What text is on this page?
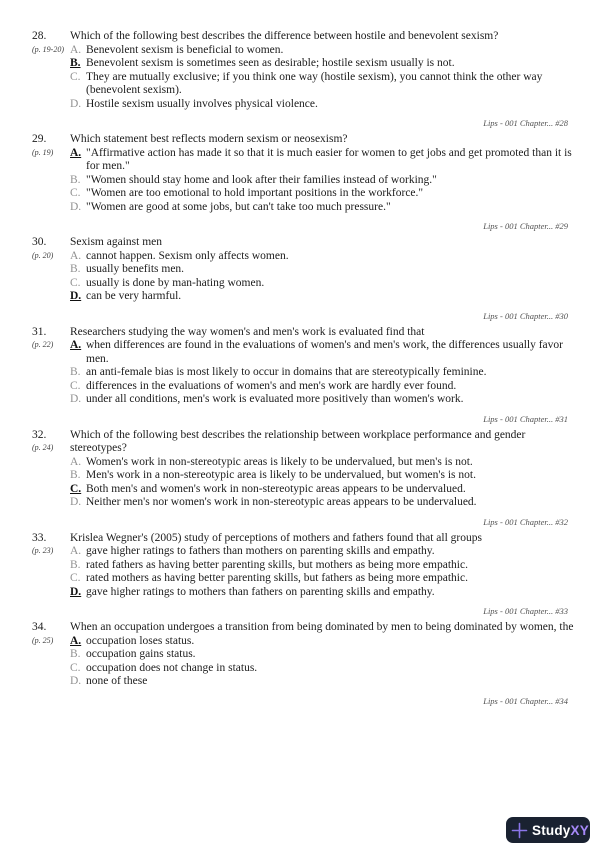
28.
(p. 19-20)
Which of the following best describes the difference between hostile and benevolent sexism?
A. Benevolent sexism is beneficial to women.
B. Benevolent sexism is sometimes seen as desirable; hostile sexism usually is not.
C. They are mutually exclusive; if you think one way (hostile sexism), you cannot think the other way (benevolent sexism).
D. Hostile sexism usually involves physical violence.
Lips - 001 Chapter... #28
29.
(p. 19)
Which statement best reflects modern sexism or neosexism?
A. "Affirmative action has made it so that it is much easier for women to get jobs and get promoted than it is for men."
B. "Women should stay home and look after their families instead of working."
C. "Women are too emotional to hold important positions in the workforce."
D. "Women are good at some jobs, but can't take too much pressure."
Lips - 001 Chapter... #29
30.
(p. 20)
Sexism against men
A. cannot happen. Sexism only affects women.
B. usually benefits men.
C. usually is done by man-hating women.
D. can be very harmful.
Lips - 001 Chapter... #30
31.
(p. 22)
Researchers studying the way women's and men's work is evaluated find that
A. when differences are found in the evaluations of women's and men's work, the differences usually favor men.
B. an anti-female bias is most likely to occur in domains that are stereotypically feminine.
C. differences in the evaluations of women's and men's work are hardly ever found.
D. under all conditions, men's work is evaluated more positively than women's work.
Lips - 001 Chapter... #31
32.
(p. 24)
Which of the following best describes the relationship between workplace performance and gender stereotypes?
A. Women's work in non-stereotypic areas is likely to be undervalued, but men's is not.
B. Men's work in a non-stereotypic area is likely to be undervalued, but women's is not.
C. Both men's and women's work in non-stereotypic areas appears to be undervalued.
D. Neither men's nor women's work in non-stereotypic areas appears to be undervalued.
Lips - 001 Chapter... #32
33.
(p. 23)
Krislea Wegner's (2005) study of perceptions of mothers and fathers found that all groups
A. gave higher ratings to fathers than mothers on parenting skills and empathy.
B. rated fathers as having better parenting skills, but mothers as being more empathic.
C. rated mothers as having better parenting skills, but fathers as being more empathic.
D. gave higher ratings to mothers than fathers on parenting skills and empathy.
Lips - 001 Chapter... #33
34.
(p. 25)
When an occupation undergoes a transition from being dominated by men to being dominated by women, the
A. occupation loses status.
B. occupation gains status.
C. occupation does not change in status.
D. none of these
Lips - 001 Chapter... #34
Study XY
